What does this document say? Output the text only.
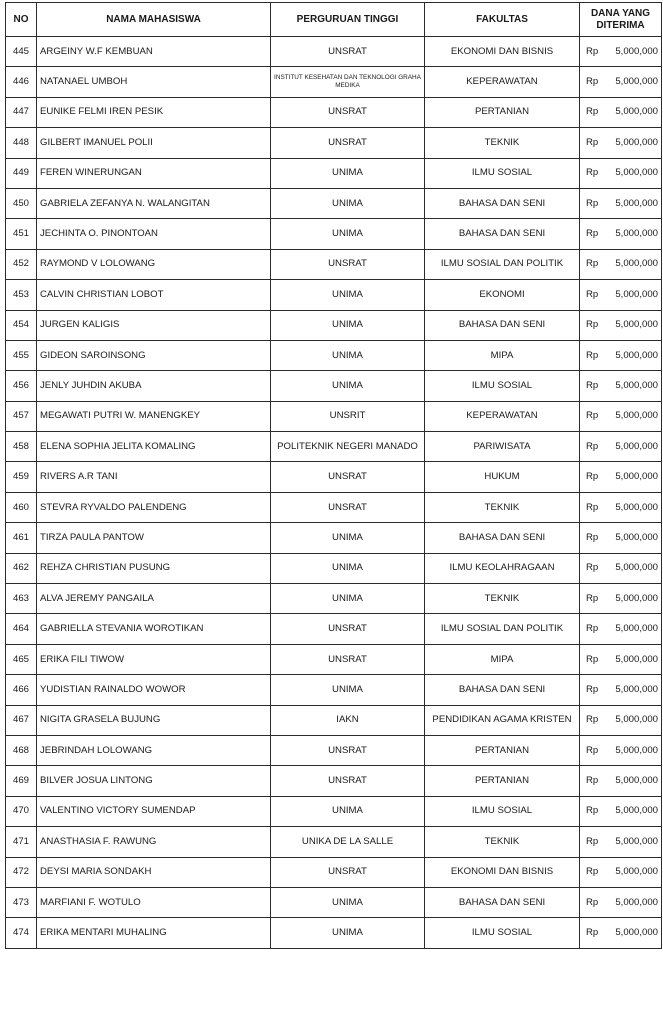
NO	NAMA MAHASISWA	PERGURUAN TINGGI	FAKULTAS	DANA YANG
DITERIMA
445	ARGEINY W.F KEMBUAN	UNSRAT	EKONOMI DAN BISNIS	Rp 5,000,000
446	NATANAEL UMBOH	INSTITUT KESEHATAN DAN TEKNOLOGI GRAHA MEDIKA	KEPERAWATAN	Rp 5,000,000
447	EUNIKE FELMI IREN PESIK	UNSRAT	PERTANIAN	Rp 5,000,000
448	GILBERT IMANUEL POLII	UNSRAT	TEKNIK	Rp 5,000,000
449	FEREN WINERUNGAN	UNIMA	ILMU SOSIAL	Rp 5,000,000
450	GABRIELA ZEFANYA N. WALANGITAN	UNIMA	BAHASA DAN SENI	Rp 5,000,000
451	JECHINTA O. PINONTOAN	UNIMA	BAHASA DAN SENI	Rp 5,000,000
452	RAYMOND V LOLOWANG	UNSRAT	ILMU SOSIAL DAN POLITIK	Rp 5,000,000
453	CALVIN CHRISTIAN LOBOT	UNIMA	EKONOMI	Rp 5,000,000
454	JURGEN KALIGIS	UNIMA	BAHASA DAN SENI	Rp 5,000,000
455	GIDEON SAROINSONG	UNIMA	MIPA	Rp 5,000,000
456	JENLY JUHDIN AKUBA	UNIMA	ILMU SOSIAL	Rp 5,000,000
457	MEGAWATI PUTRI W. MANENGKEY	UNSRIT	KEPERAWATAN	Rp 5,000,000
458	ELENA SOPHIA JELITA KOMALING	POLITEKNIK NEGERI MANADO	PARIWISATA	Rp 5,000,000
459	RIVERS A.R TANI	UNSRAT	HUKUM	Rp 5,000,000
460	STEVRA RYVALDO PALENDENG	UNSRAT	TEKNIK	Rp 5,000,000
461	TIRZA PAULA PANTOW	UNIMA	BAHASA DAN SENI	Rp 5,000,000
462	REHZA CHRISTIAN PUSUNG	UNIMA	ILMU KEOLAHRAGAAN	Rp 5,000,000
463	ALVA JEREMY PANGAILA	UNIMA	TEKNIK	Rp 5,000,000
464	GABRIELLA STEVANIA WOROTIKAN	UNSRAT	ILMU SOSIAL DAN POLITIK	Rp 5,000,000
465	ERIKA FILI TIWOW	UNSRAT	MIPA	Rp 5,000,000
466	YUDISTIAN RAINALDO WOWOR	UNIMA	BAHASA DAN SENI	Rp 5,000,000
467	NIGITA GRASELA BUJUNG	IAKN	PENDIDIKAN AGAMA KRISTEN	Rp 5,000,000
468	JEBRINDAH LOLOWANG	UNSRAT	PERTANIAN	Rp 5,000,000
469	BILVER JOSUA LINTONG	UNSRAT	PERTANIAN	Rp 5,000,000
470	VALENTINO VICTORY SUMENDAP	UNIMA	ILMU SOSIAL	Rp 5,000,000
471	ANASTHASIA F. RAWUNG	UNIKA DE LA SALLE	TEKNIK	Rp 5,000,000
472	DEYSI MARIA SONDAKH	UNSRAT	EKONOMI DAN BISNIS	Rp 5,000,000
473	MARFIANI F. WOTULO	UNIMA	BAHASA DAN SENI	Rp 5,000,000
474	ERIKA MENTARI MUHALING	UNIMA	ILMU SOSIAL	Rp 5,000,000
